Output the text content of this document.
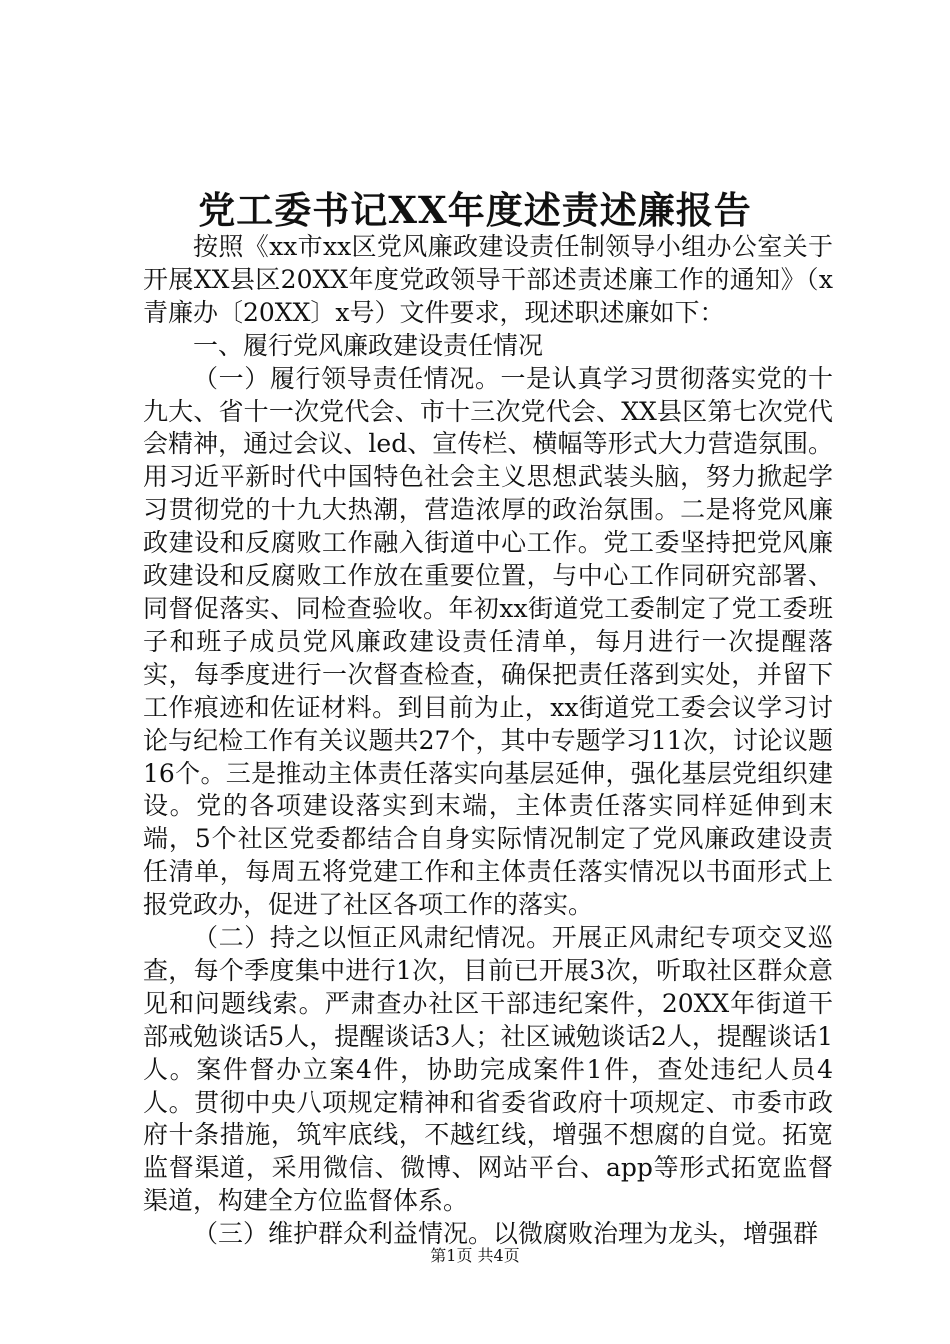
党工委书记XX年度述责述廉报告

按照《xx市xx区党风廉政建设责任制领导小组办公室关于开展XX县区20XX年度党政领导干部述责述廉工作的通知》（x青廉办〔20XX〕x号）文件要求，现述职述廉如下：

一、履行党风廉政建设责任情况

（一）履行领导责任情况。一是认真学习贯彻落实党的十九大、省十一次党代会、市十三次党代会、XX县区第七次党代会精神，通过会议、led、宣传栏、横幅等形式大力营造氛围。用习近平新时代中国特色社会主义思想武装头脑，努力掀起学习贯彻党的十九大热潮，营造浓厚的政治氛围。二是将党风廉政建设和反腐败工作融入街道中心工作。党工委坚持把党风廉政建设和反腐败工作放在重要位置，与中心工作同研究部署、同督促落实、同检查验收。年初xx街道党工委制定了党工委班子和班子成员党风廉政建设责任清单，每月进行一次提醒落实，每季度进行一次督查检查，确保把责任落到实处，并留下工作痕迹和佐证材料。到目前为止，xx街道党工委会议学习讨论与纪检工作有关议题共27个，其中专题学习11次，讨论议题16个。三是推动主体责任落实向基层延伸，强化基层党组织建设。党的各项建设落实到末端，主体责任落实同样延伸到末端，5个社区党委都结合自身实际情况制定了党风廉政建设责任清单，每周五将党建工作和主体责任落实情况以书面形式上报党政办，促进了社区各项工作的落实。

（二）持之以恒正风肃纪情况。开展正风肃纪专项交叉巡查，每个季度集中进行1次，目前已开展3次，听取社区群众意见和问题线索。严肃查办社区干部违纪案件，20XX年街道干部戒勉谈话5人，提醒谈话3人；社区诫勉谈话2人，提醒谈话1人。案件督办立案4件，协助完成案件1件，查处违纪人员4人。贯彻中央八项规定精神和省委省政府十项规定、市委市政府十条措施，筑牢底线，不越红线，增强不想腐的自觉。拓宽监督渠道，采用微信、微博、网站平台、app等形式拓宽监督渠道，构建全方位监督体系。

（三）维护群众利益情况。以微腐败治理为龙头，增强群

第1页 共4页
